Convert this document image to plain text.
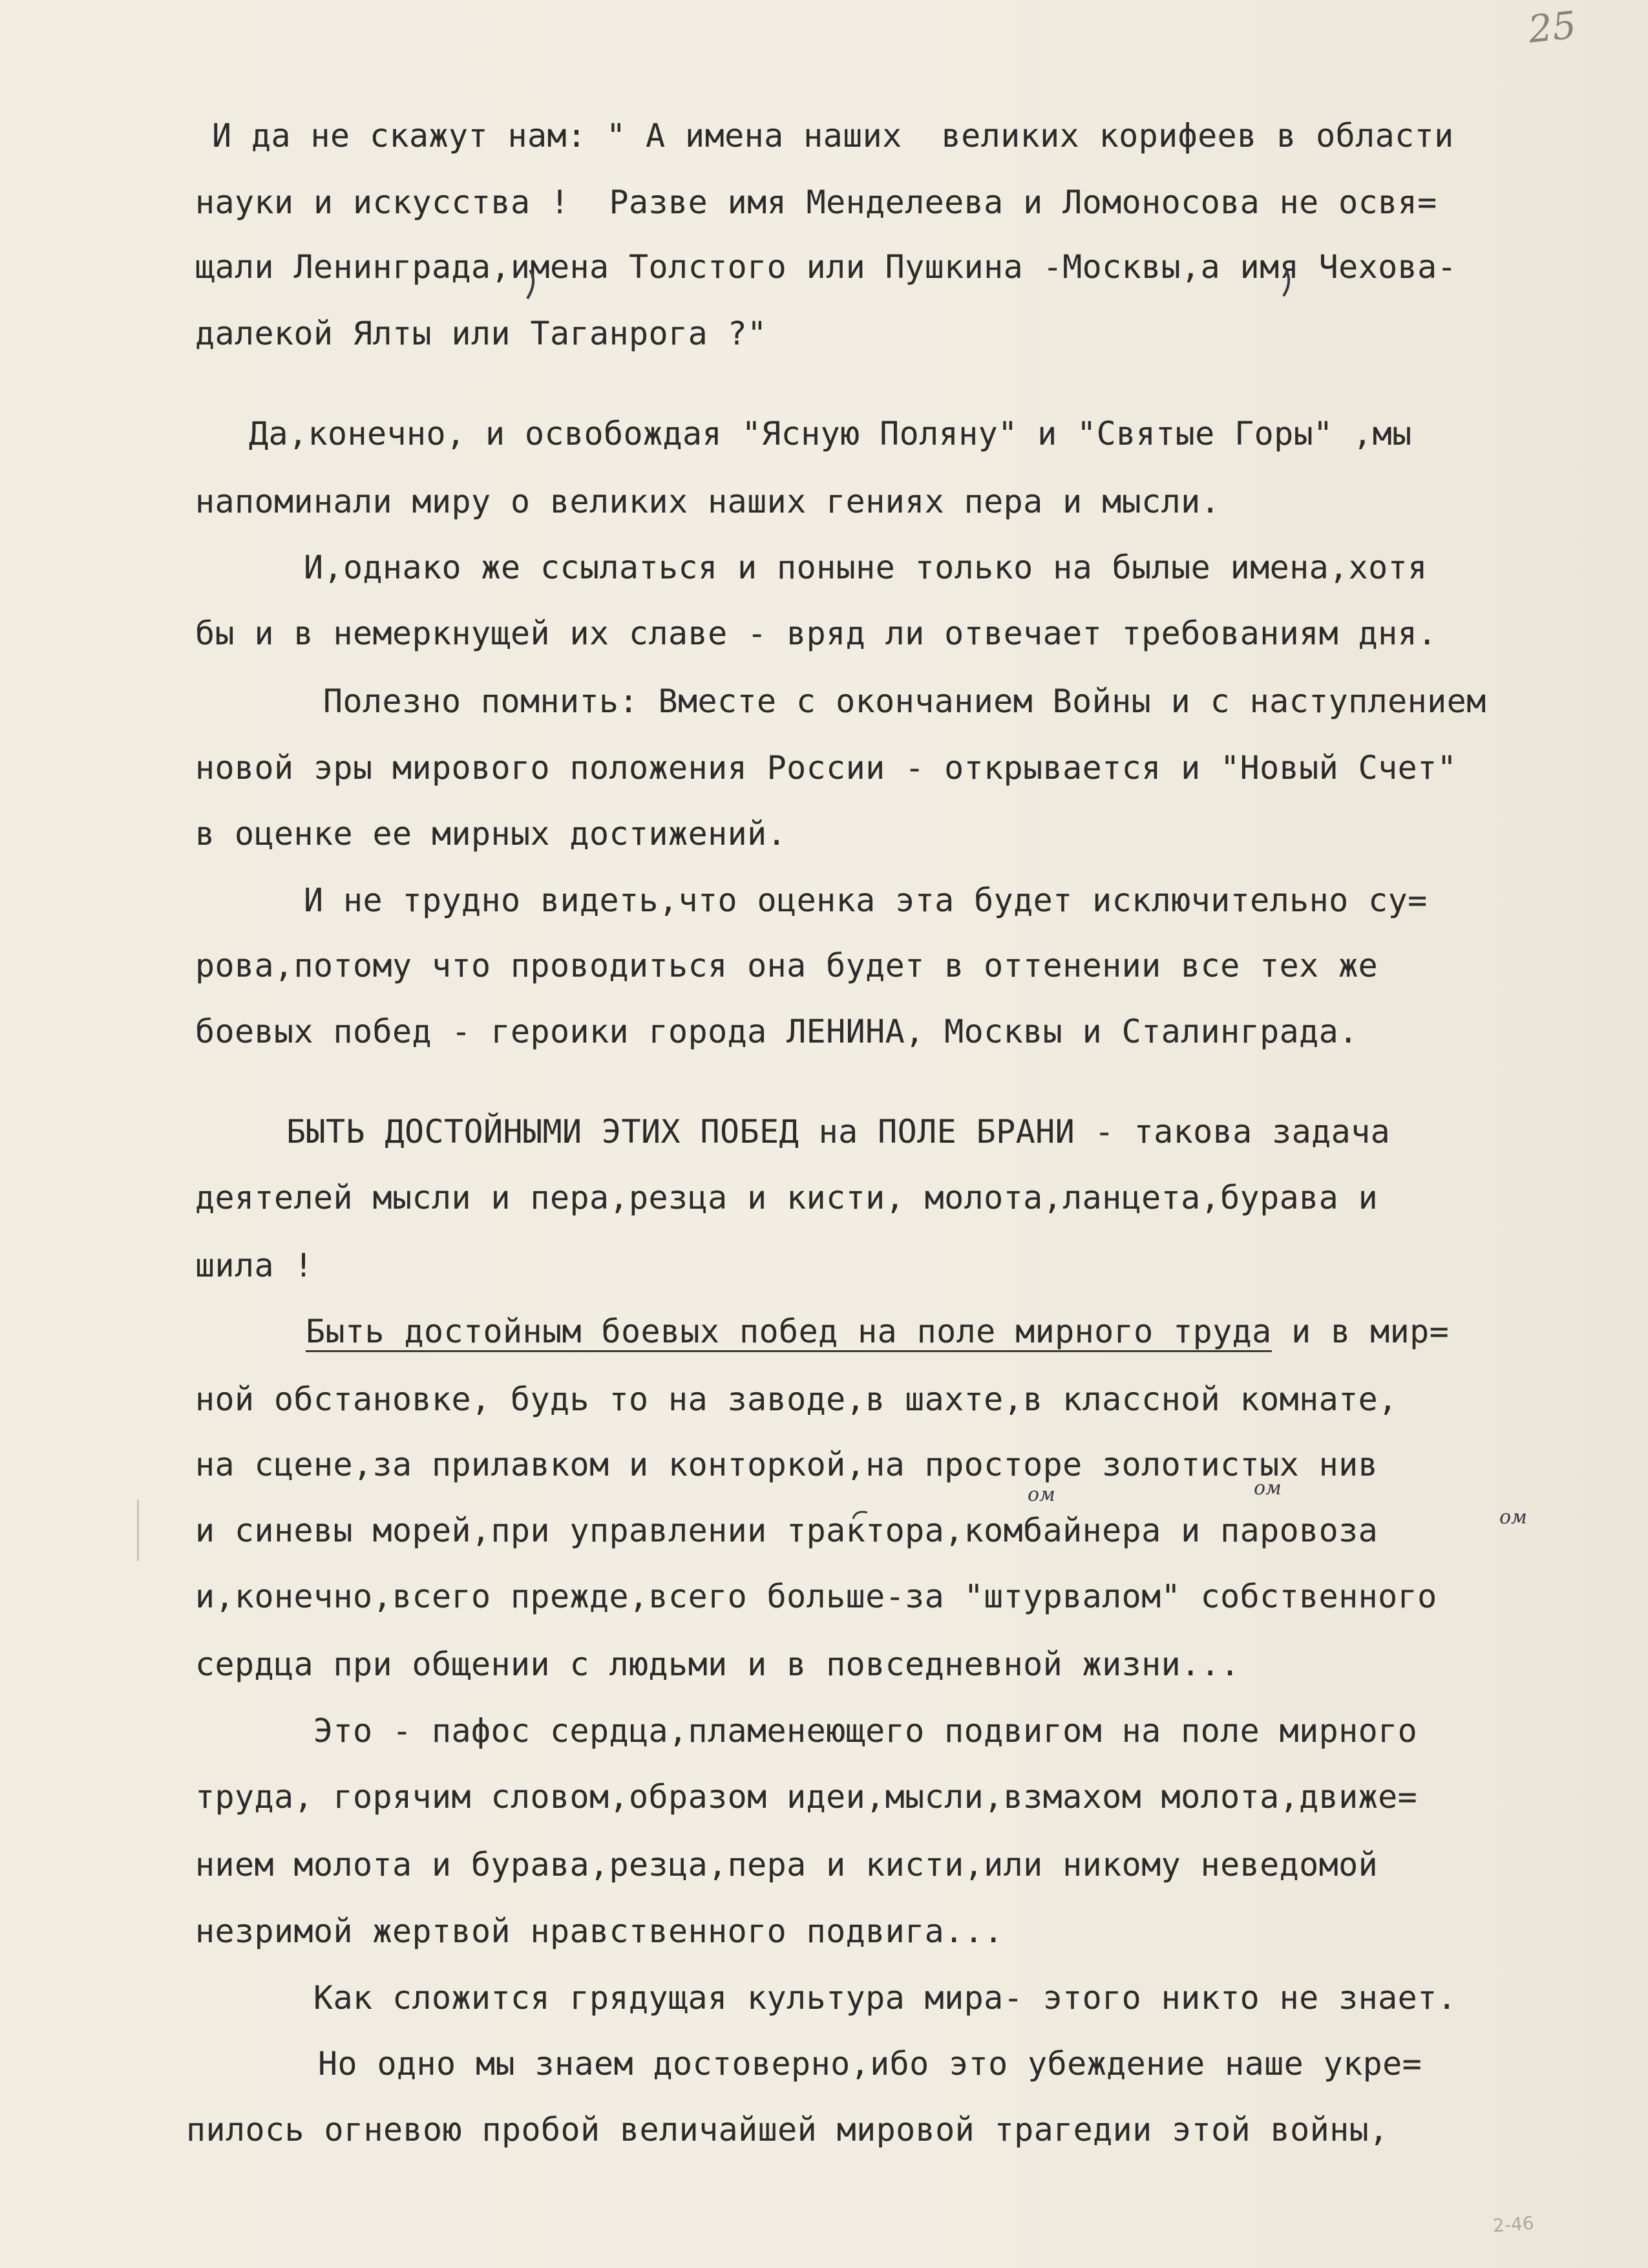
25
И да не скажут нам: " А имена наших  великих корифеев в области
науки и искусства !  Разве имя Менделеева и Ломоносова не освя=
щали Ленинграда,имена Толстого или Пушкина -Москвы,а имя Чехова-
далекой Ялты или Таганрога ?"
Да,конечно, и освобождая "Ясную Поляну" и "Святые Горы" ,мы
напоминали миру о великих наших гениях пера и мысли.
И,однако же ссылаться и поныне только на былые имена,хотя
бы и в немеркнущей их славе - вряд ли отвечает требованиям дня.
Полезно помнить: Вместе с окончанием Войны и с наступлением
новой эры мирового положения России - открывается и "Новый Счет"
в оценке ее мирных достижений.
И не трудно видеть,что оценка эта будет исключительно су=
рова,потому что проводиться она будет в оттенении все тех же
боевых побед - героики города ЛЕНИНА, Москвы и Сталинграда.
БЫТЬ ДОСТОЙНЫМИ ЭТИХ ПОБЕД на ПОЛЕ БРАНИ - такова задача
деятелей мысли и пера,резца и кисти, молота,ланцета,бурава и
шила !
Быть достойным боевых побед на поле мирного труда и в мир=
ной обстановке, будь то на заводе,в шахте,в классной комнате,
на сцене,за прилавком и конторкой,на просторе золотистых нив
и синевы морей,при управлении трактора,комбайнера и паровоза
и,конечно,всего прежде,всего больше-за "штурвалом" собственного
сердца при общении с людьми и в повседневной жизни...
Это - пафос сердца,пламенеющего подвигом на поле мирного
труда, горячим словом,образом идеи,мысли,взмахом молота,движе=
нием молота и бурава,резца,пера и кисти,или никому неведомой
незримой жертвой нравственного подвига...
Как сложится грядущая культура мира- этого никто не знает.
Но одно мы знаем достоверно,ибо это убеждение наше укре=
пилось огневою пробой величайшей мировой трагедии этой войны,
ом	ом
ом
2-46
